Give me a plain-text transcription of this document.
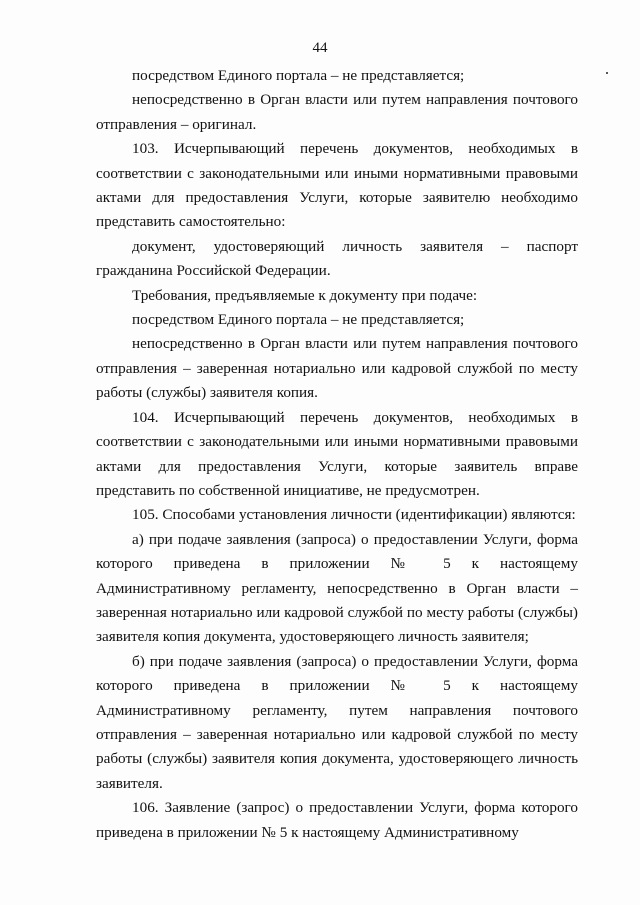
44

посредством Единого портала – не представляется;

непосредственно в Орган власти или путем направления почтового отправления – оригинал.

103. Исчерпывающий перечень документов, необходимых в соответствии с законодательными или иными нормативными правовыми актами для предоставления Услуги, которые заявителю необходимо представить самостоятельно:

документ, удостоверяющий личность заявителя – паспорт гражданина Российской Федерации.

Требования, предъявляемые к документу при подаче:

посредством Единого портала – не представляется;

непосредственно в Орган власти или путем направления почтового отправления – заверенная нотариально или кадровой службой по месту работы (службы) заявителя копия.

104. Исчерпывающий перечень документов, необходимых в соответствии с законодательными или иными нормативными правовыми актами для предоставления Услуги, которые заявитель вправе представить по собственной инициативе, не предусмотрен.

105. Способами установления личности (идентификации) являются:

а) при подаче заявления (запроса) о предоставлении Услуги, форма которого приведена в приложении № 5 к настоящему Административному регламенту, непосредственно в Орган власти – заверенная нотариально или кадровой службой по месту работы (службы) заявителя копия документа, удостоверяющего личность заявителя;

б) при подаче заявления (запроса) о предоставлении Услуги, форма которого приведена в приложении № 5 к настоящему Административному регламенту, путем направления почтового отправления – заверенная нотариально или кадровой службой по месту работы (службы) заявителя копия документа, удостоверяющего личность заявителя.

106. Заявление (запрос) о предоставлении Услуги, форма которого приведена в приложении № 5 к настоящему Административному
